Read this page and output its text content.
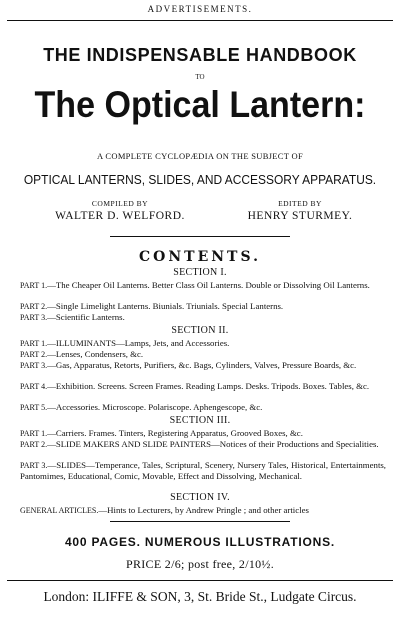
ADVERTISEMENTS.
THE INDISPENSABLE HANDBOOK
TO
The Optical Lantern:
A COMPLETE CYCLOPÆDIA ON THE SUBJECT OF
OPTICAL LANTERNS, SLIDES, AND ACCESSORY APPARATUS.
COMPILED BY
WALTER D. WELFORD.
EDITED BY
HENRY STURMEY.
CONTENTS.
SECTION I.
PART 1.—The Cheaper Oil Lanterns. Better Class Oil Lanterns. Double or Dissolving Oil Lanterns.
PART 2.—Single Limelight Lanterns. Biunials. Triunials. Special Lanterns.
PART 3.—Scientific Lanterns.
SECTION II.
PART 1.—ILLUMINANTS—Lamps, Jets, and Accessories.
PART 2.—Lenses, Condensers, &c.
PART 3.—Gas, Apparatus, Retorts, Purifiers, &c. Bags, Cylinders, Valves, Pressure Boards, &c.
PART 4.—Exhibition. Screens. Screen Frames. Reading Lamps. Desks. Tripods. Boxes. Tables, &c.
PART 5.—Accessories. Microscope. Polariscope. Aphengescope, &c.
SECTION III.
PART 1.—Carriers. Frames. Tinters, Registering Apparatus, Grooved Boxes, &c.
PART 2.—SLIDE MAKERS AND SLIDE PAINTERS—Notices of their Productions and Specialities.
PART 3.—SLIDES—Temperance, Tales, Scriptural, Scenery, Nursery Tales, Historical, Entertainments, Pantomimes, Educational, Comic, Movable, Effect and Dissolving, Mechanical.
SECTION IV.
GENERAL ARTICLES.—Hints to Lecturers, by Andrew Pringle ; and other articles
400 PAGES. NUMEROUS ILLUSTRATIONS.
PRICE 2/6; post free, 2/10½.
London: ILIFFE & SON, 3, St. Bride St., Ludgate Circus.
